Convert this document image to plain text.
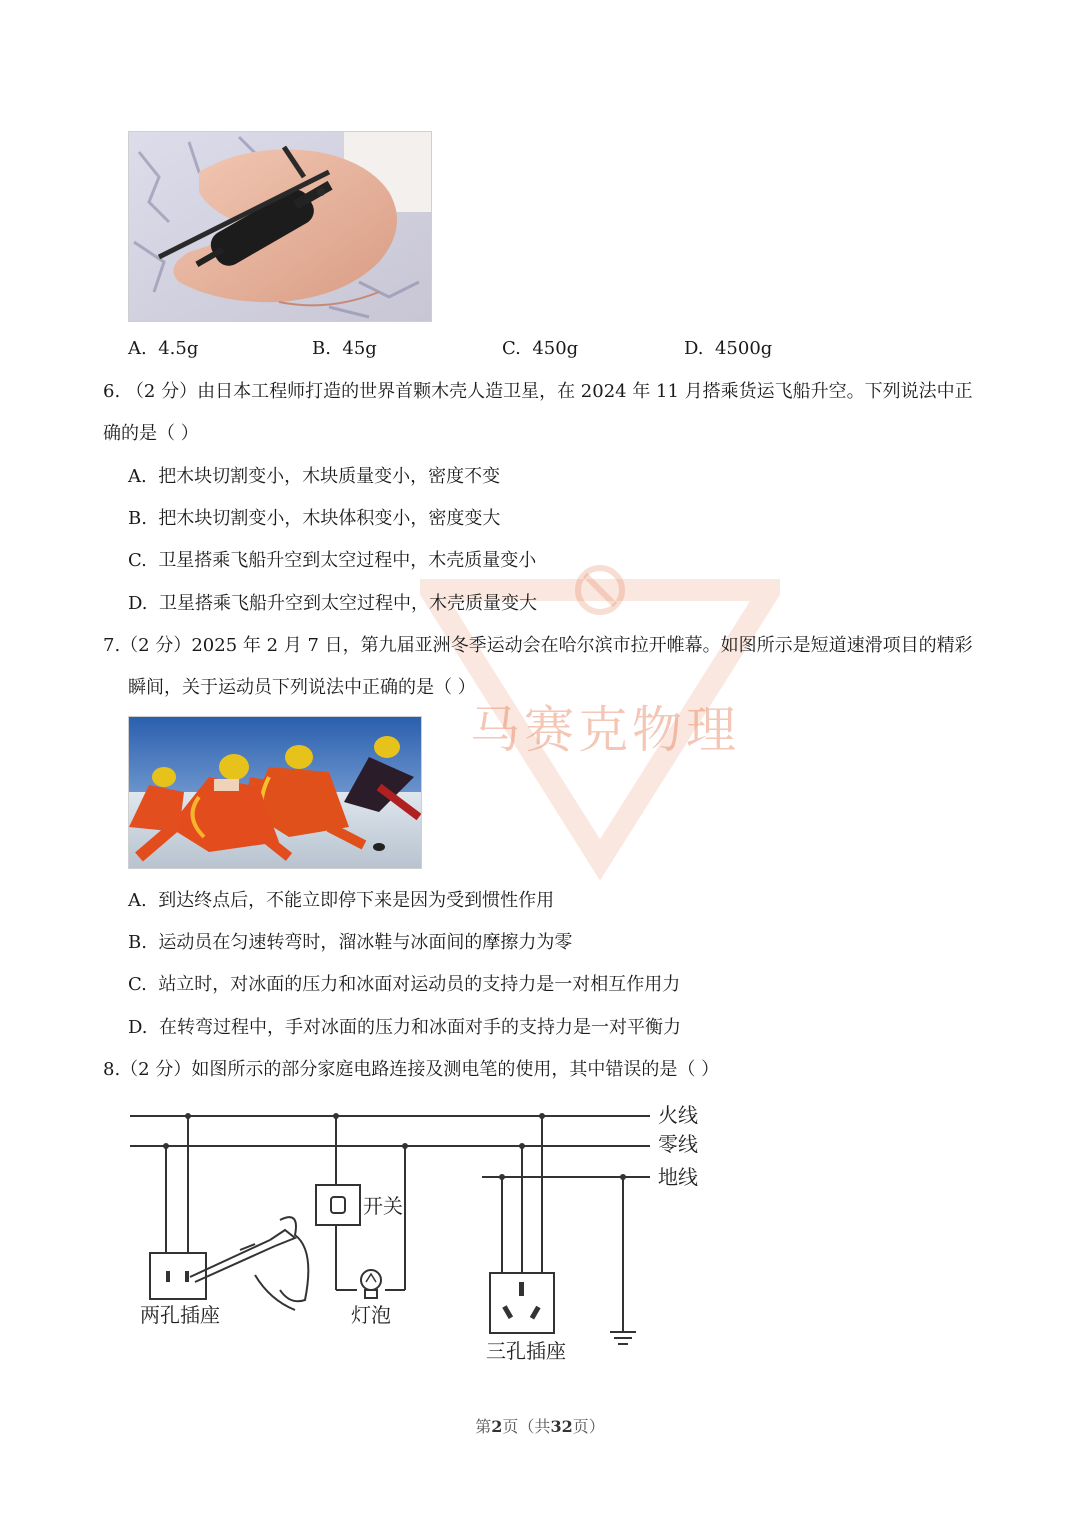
A. 4.5g	B. 45g	C. 450g	D. 4500g
马赛克物理
6. （2 分）由日本工程师打造的世界首颗木壳人造卫星，在 2024 年 11 月搭乘货运飞船升空。下列说法中正
确的是（ ）
A. 把木块切割变小，木块质量变小，密度不变
B. 把木块切割变小，木块体积变小，密度变大
C. 卫星搭乘飞船升空到太空过程中，木壳质量变小
D. 卫星搭乘飞船升空到太空过程中，木壳质量变大
7.（2 分）2025 年 2 月 7 日，第九届亚洲冬季运动会在哈尔滨市拉开帷幕。如图所示是短道速滑项目的精彩
瞬间，关于运动员下列说法中正确的是（ ）
A. 到达终点后，不能立即停下来是因为受到惯性作用
B. 运动员在匀速转弯时，溜冰鞋与冰面间的摩擦力为零
C. 站立时，对冰面的压力和冰面对运动员的支持力是一对相互作用力
D. 在转弯过程中，手对冰面的压力和冰面对手的支持力是一对平衡力
8.（2 分）如图所示的部分家庭电路连接及测电笔的使用，其中错误的是（ ）
火线
零线
地线
开关
灯泡
两孔插座
三孔插座
第2页（共32页）
